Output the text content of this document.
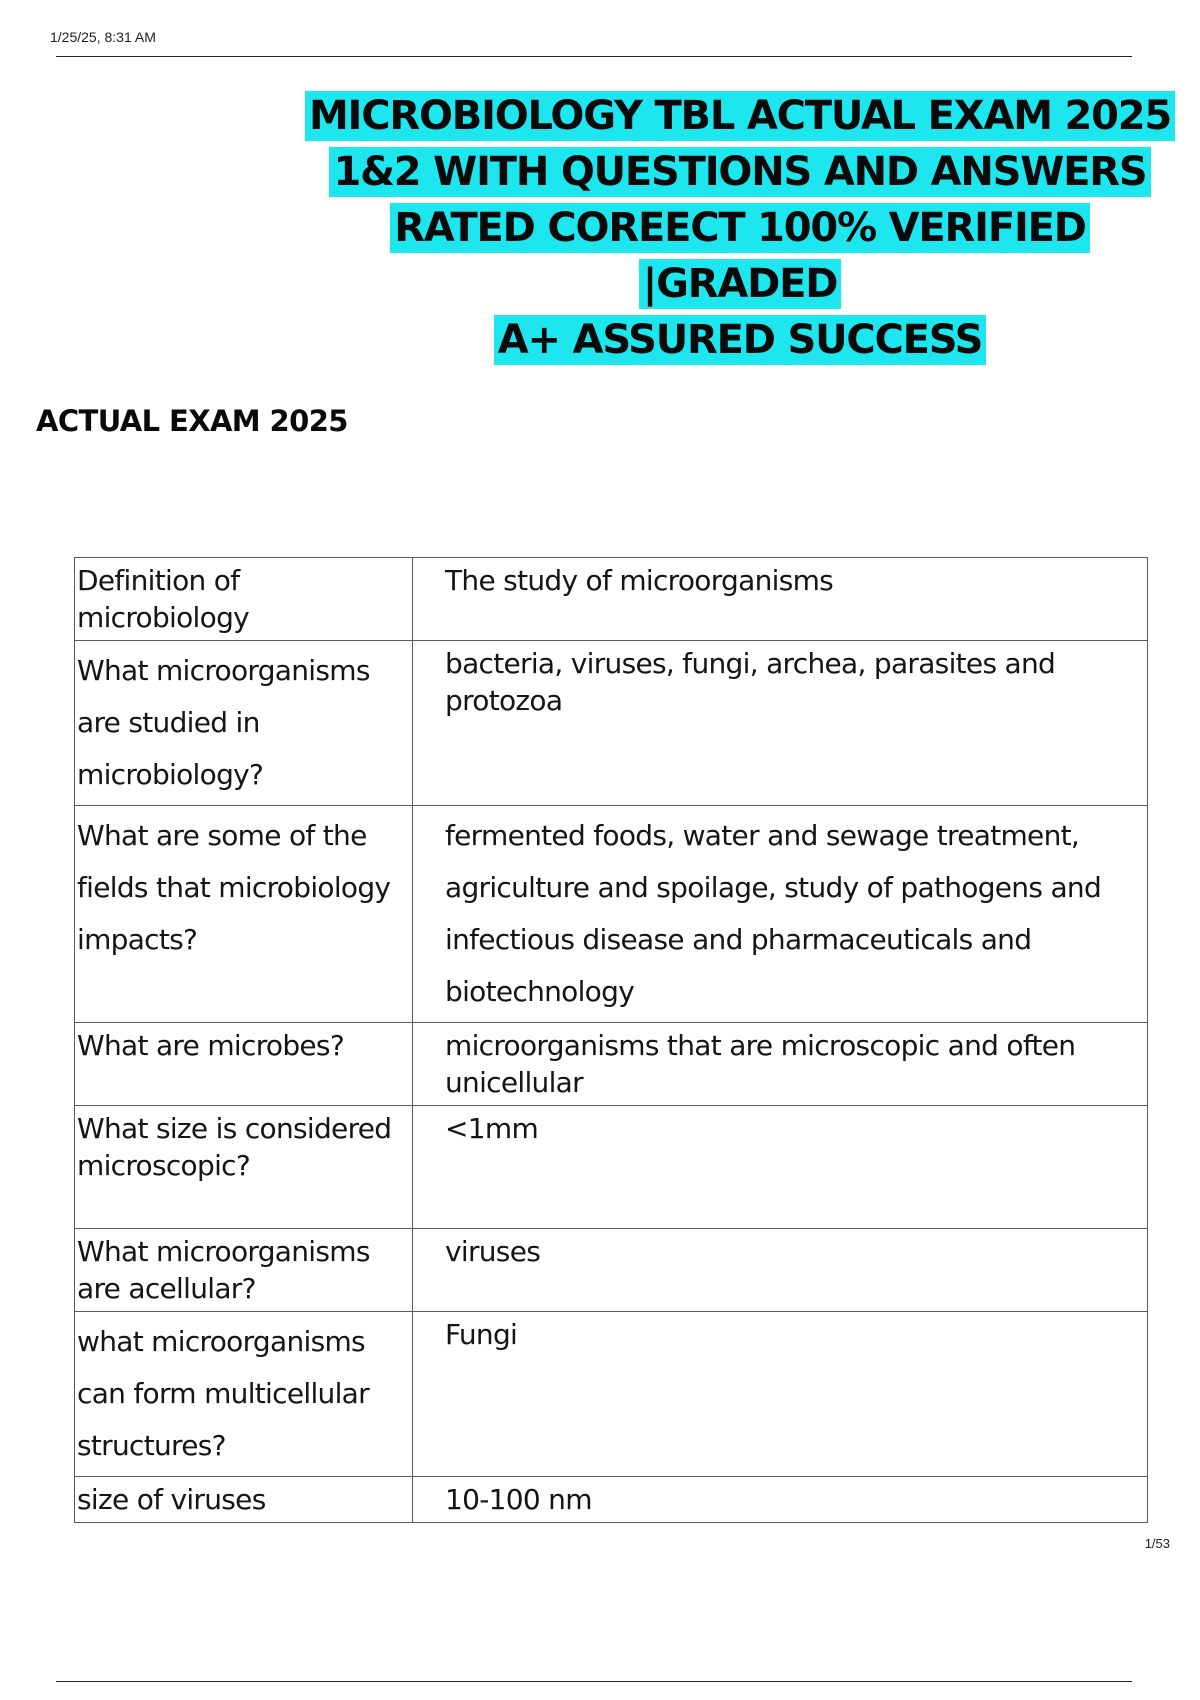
1/25/25, 8:31 AM
MICROBIOLOGY TBL ACTUAL EXAM 2025
1&2 WITH QUESTIONS AND ANSWERS
RATED COREECT 100% VERIFIED |GRADED
A+ ASSURED SUCCESS
ACTUAL EXAM 2025
Definition of microbiology	The study of microorganisms
What microorganisms are studied in microbiology?	bacteria, viruses, fungi, archea, parasites and protozoa
What are some of the fields that microbiology impacts?	fermented foods, water and sewage treatment, agriculture and spoilage, study of pathogens and infectious disease and pharmaceuticals and biotechnology
What are microbes?	microorganisms that are microscopic and often unicellular
What size is considered microscopic?	<1mm
What microorganisms are acellular?	viruses
what microorganisms can form multicellular structures?	Fungi
size of viruses	10-100 nm
1/53
